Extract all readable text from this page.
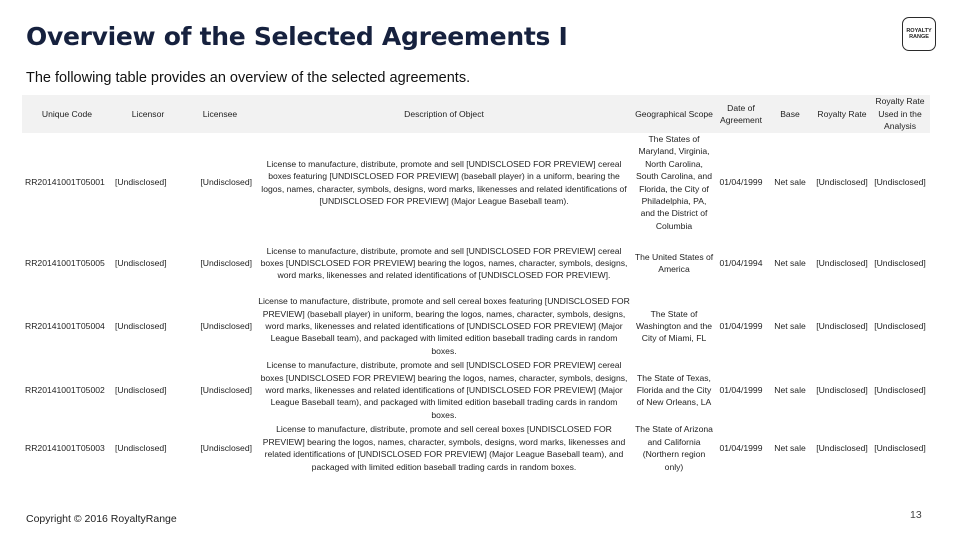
Overview of the Selected Agreements I	ROYALTY
RANGE
The following table provides an overview of the selected agreements.
Unique Code	Licensor	Licensee	Description of Object	Geographical Scope	Date of Agreement	Base	Royalty Rate	Royalty Rate Used in the Analysis
RR20141001T05001	[Undisclosed]	[Undisclosed]	License to manufacture, distribute, promote and sell [UNDISCLOSED FOR PREVIEW] cereal boxes featuring [UNDISCLOSED FOR PREVIEW] (baseball player) in a uniform, bearing the logos, names, character, symbols, designs, word marks, likenesses and related identifications of [UNDISCLOSED FOR PREVIEW] (Major League Baseball team).	The States of Maryland, Virginia, North Carolina, South Carolina, and Florida, the City of Philadelphia, PA, and the District of Columbia	01/04/1999	Net sale	[Undisclosed]	[Undisclosed]
RR20141001T05005	[Undisclosed]	[Undisclosed]	License to manufacture, distribute, promote and sell [UNDISCLOSED FOR PREVIEW] cereal boxes [UNDISCLOSED FOR PREVIEW] bearing the logos, names, character, symbols, designs, word marks, likenesses and related identifications of [UNDISCLOSED FOR PREVIEW].	The United States of America	01/04/1994	Net sale	[Undisclosed]	[Undisclosed]
RR20141001T05004	[Undisclosed]	[Undisclosed]	License to manufacture, distribute, promote and sell cereal boxes featuring [UNDISCLOSED FOR PREVIEW] (baseball player) in uniform, bearing the logos, names, character, symbols, designs, word marks, likenesses and related identifications of [UNDISCLOSED FOR PREVIEW] (Major League Baseball team), and packaged with limited edition baseball trading cards in random boxes.	The State of Washington and the City of Miami, FL	01/04/1999	Net sale	[Undisclosed]	[Undisclosed]
RR20141001T05002	[Undisclosed]	[Undisclosed]	License to manufacture, distribute, promote and sell [UNDISCLOSED FOR PREVIEW] cereal boxes [UNDISCLOSED FOR PREVIEW] bearing the logos, names, character, symbols, designs, word marks, likenesses and related identifications of [UNDISCLOSED FOR PREVIEW] (Major League Baseball team), and packaged with limited edition baseball trading cards in random boxes.	The State of Texas, Florida and the City of New Orleans, LA	01/04/1999	Net sale	[Undisclosed]	[Undisclosed]
RR20141001T05003	[Undisclosed]	[Undisclosed]	License to manufacture, distribute, promote and sell cereal boxes [UNDISCLOSED FOR PREVIEW] bearing the logos, names, character, symbols, designs, word marks, likenesses and related identifications of [UNDISCLOSED FOR PREVIEW] (Major League Baseball team), and packaged with limited edition baseball trading cards in random boxes.	The State of Arizona and California (Northern region only)	01/04/1999	Net sale	[Undisclosed]	[Undisclosed]
Copyright © 2016 RoyaltyRange	13
